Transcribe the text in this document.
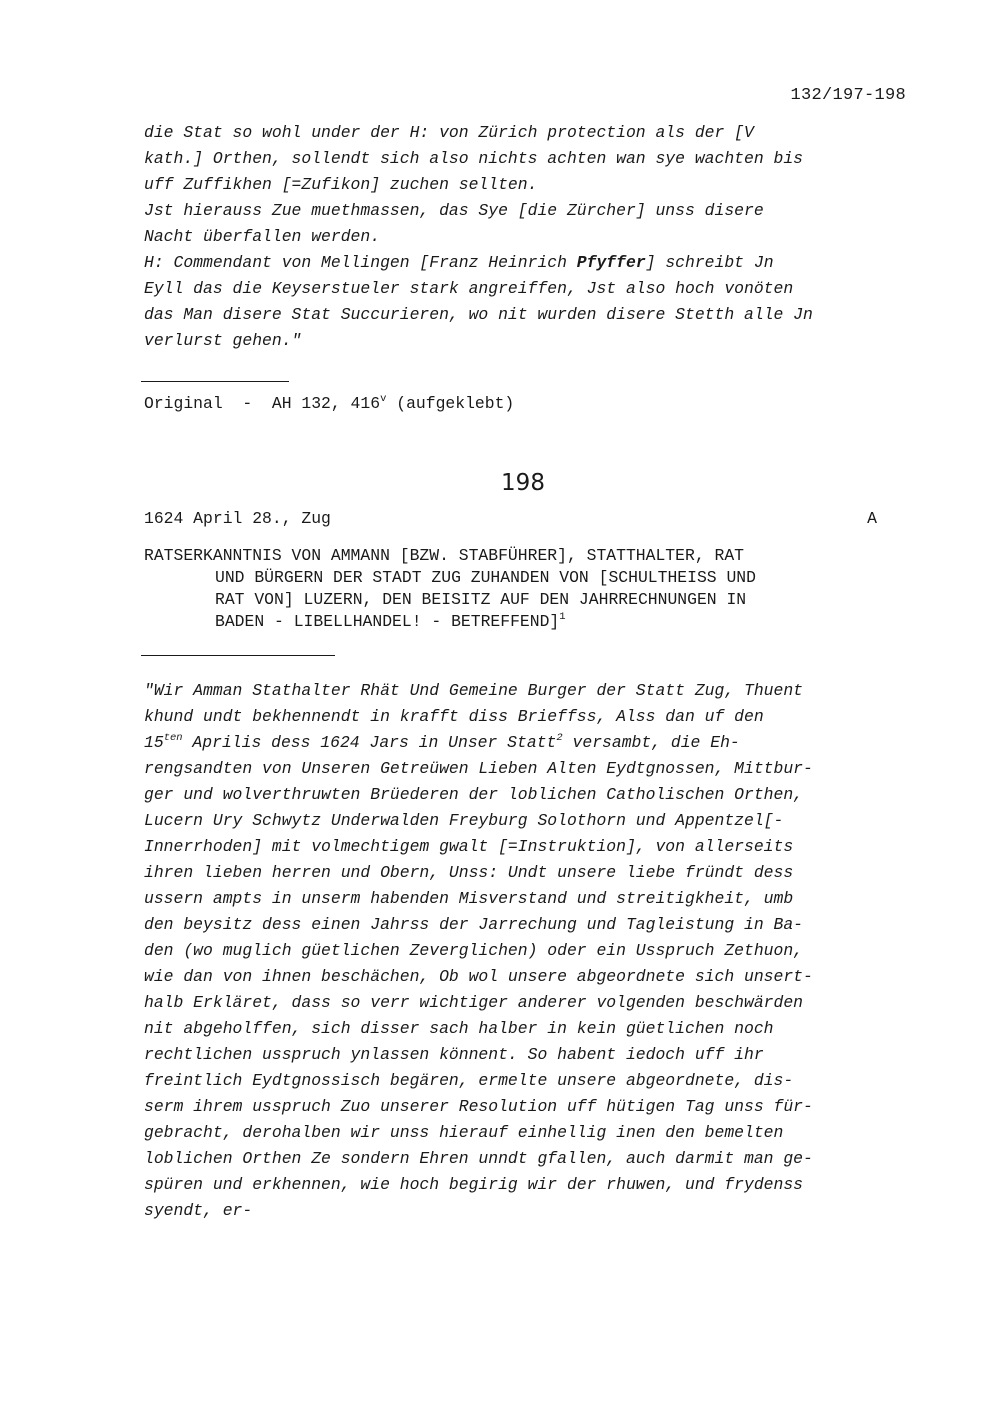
132/197-198
die Stat so wohl under der H: von Zürich protection als der [V
kath.] Orthen, sollendt sich also nichts achten wan sye wachten bis
uff Zuffikhen [=Zufikon] zuchen sellten.
Jst hierauss Zue muethmassen, das Sye [die Zürcher] unss disere
Nacht überfallen werden.
H: Commendant von Mellingen [Franz Heinrich Pfyffer] schreibt Jn
Eyll das die Keyserstueler stark angreiffen, Jst also hoch vonöten
das Man disere Stat Succurieren, wo nit wurden disere Stetth alle Jn
verlurst gehen."
Original  -  AH 132, 416$^v$ (aufgeklebt)
198
1624 April 28., Zug	A
RATSERKANNTNIS VON AMMANN [BZW. STABFÜHRER], STATTHALTER, RAT
UND BÜRGERN DER STADT ZUG ZUHANDEN VON [SCHULTHEISS UND
RAT VON] LUZERN, DEN BEISITZ AUF DEN JAHRRECHNUNGEN IN
BADEN - LIBELLHANDEL! - BETREFFEND]$^1$
"Wir Amman Stathalter Rhät Und Gemeine Burger der Statt Zug, Thuent
khund undt bekhennendt in krafft diss Brieffss, Alss dan uf den
$15^{ten}$ Aprilis dess 1624 Jars in Unser Statt$^2$ versambt, die Eh-
rengsandten von Unseren Getreüwen Lieben Alten Eydtgnossen, Mittbur-
ger und wolverthruwten Brüederen der loblichen Catholischen Orthen,
Lucern Ury Schwytz Underwalden Freyburg Solothorn und Appentzel[-
Innerrhoden] mit volmechtigem gwalt [=Instruktion], von allerseits
ihren lieben herren und Obern, Unss: Undt unsere liebe fründt dess
ussern ampts in unserm habenden Misverstand und streitigkheit, umb
den beysitz dess einen Jahrss der Jarrechung und Tagleistung in Ba-
den (wo muglich güetlichen Zeverglichen) oder ein Usspruch Zethuon,
wie dan von ihnen beschächen, Ob wol unsere abgeordnete sich unsert-
halb Erkläret, dass so verr wichtiger anderer volgenden beschwärden
nit abgeholffen, sich disser sach halber in kein güetlichen noch
rechtlichen usspruch ynlassen könnent. So habent iedoch uff ihr
freintlich Eydtgnossisch begären, ermelte unsere abgeordnete, dis-
serm ihrem usspruch Zuo unserer Resolution uff hütigen Tag unss für-
gebracht, derohalben wir unss hierauf einhellig inen den bemelten
loblichen Orthen Ze sondern Ehren unndt gfallen, auch darmit man ge-
spüren und erkhennen, wie hoch begirig wir der rhuwen, und frydenss
syendt, er-
